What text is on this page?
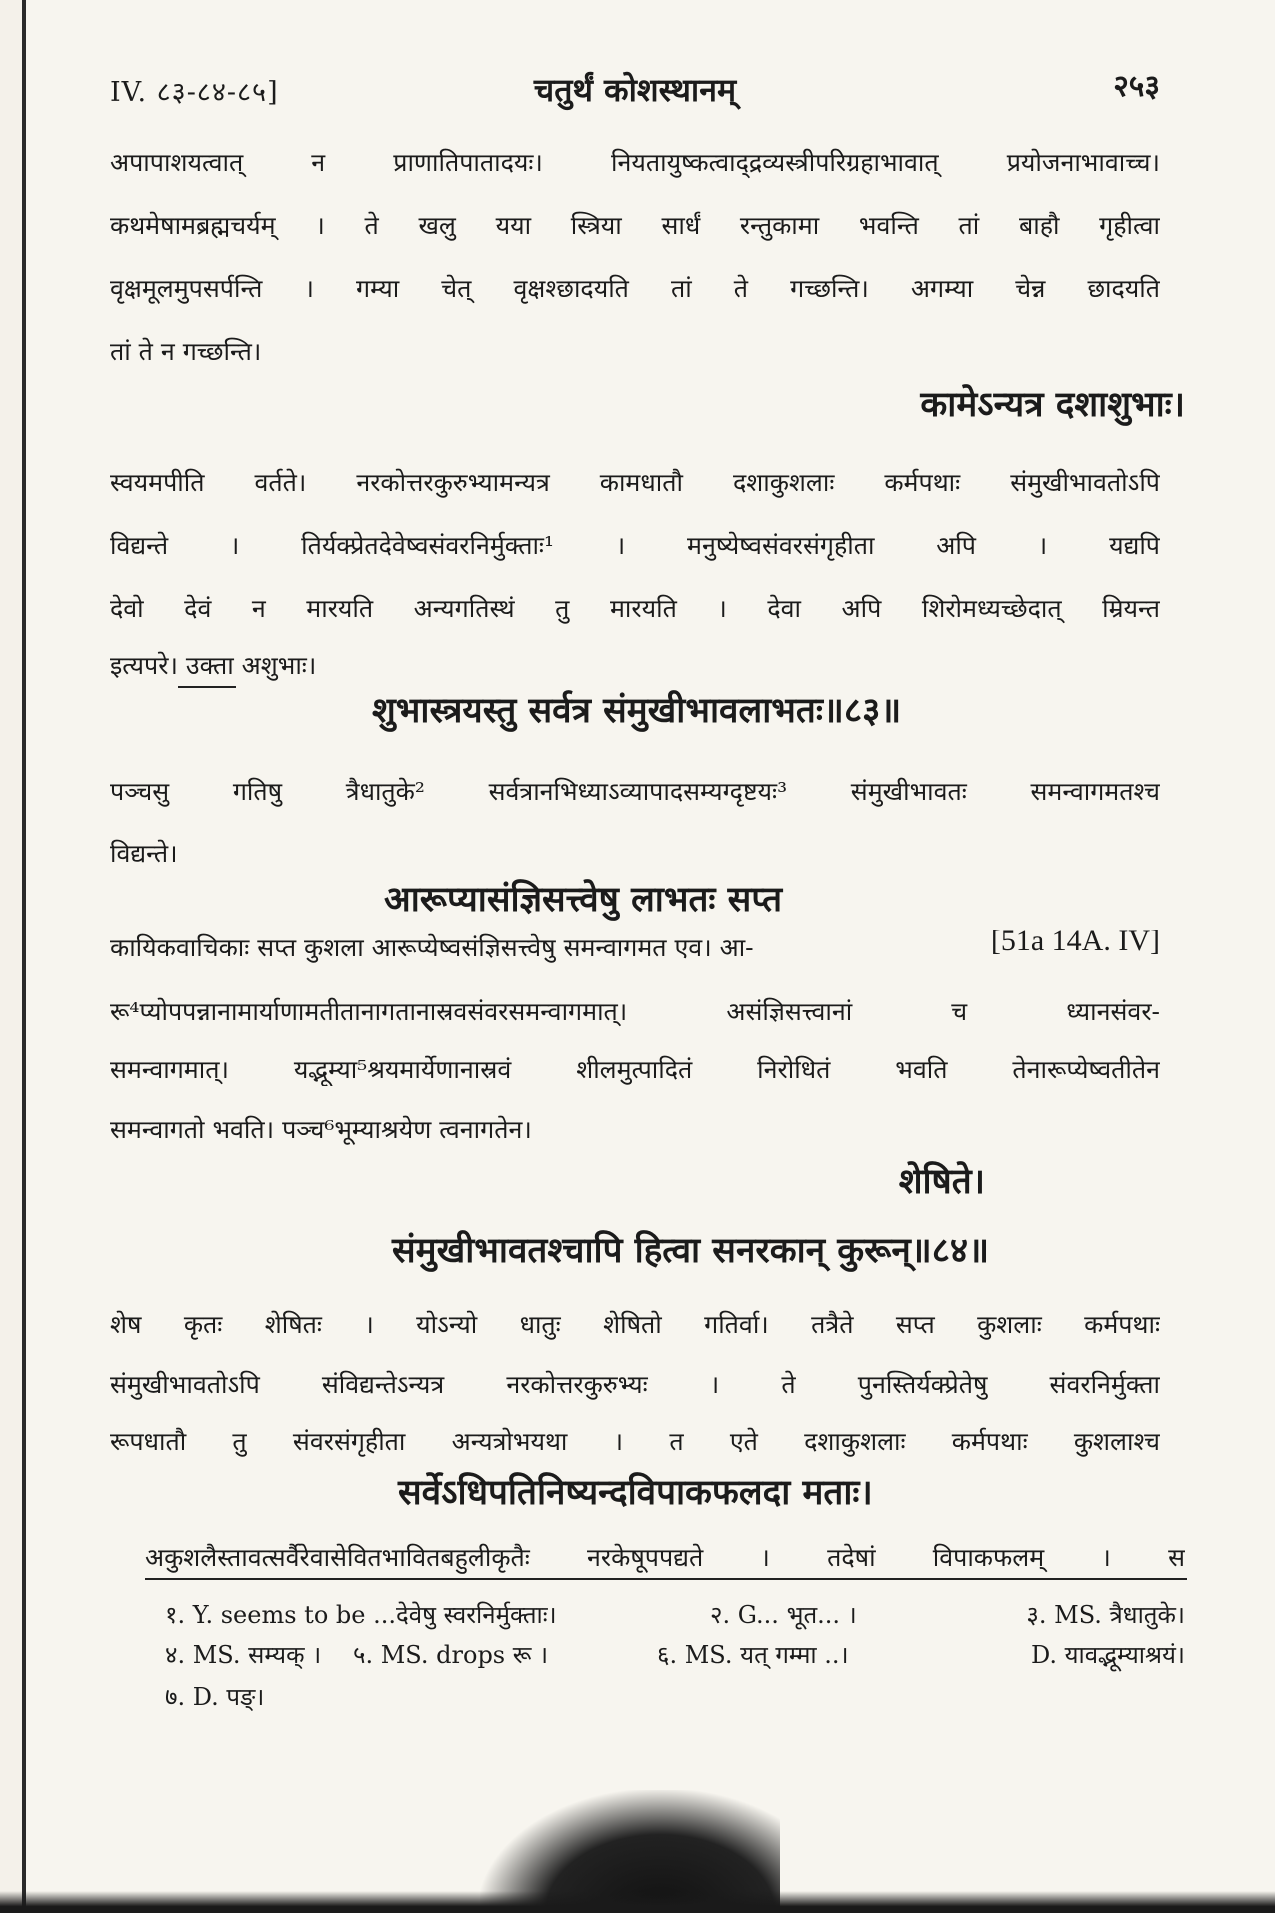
IV. ८३-८४-८५]	चतुर्थं कोशस्थानम्	२५३
अपापाशयत्वात् न प्राणातिपातादयः। नियतायुष्कत्वाद्द्रव्यस्त्रीपरिग्रहाभावात् प्रयोजनाभावाच्च।
कथमेषामब्रह्मचर्यम् । ते खलु यया स्त्रिया सार्धं रन्तुकामा भवन्ति तां बाहौ गृहीत्वा
वृक्षमूलमुपसर्पन्ति । गम्या चेत् वृक्षश्छादयति तां ते गच्छन्ति। अगम्या चेन्न छादयति
तां ते न गच्छन्ति।
कामेऽन्यत्र दशाशुभाः।
स्वयमपीति वर्तते। नरकोत्तरकुरुभ्यामन्यत्र कामधातौ दशाकुशलाः कर्मपथाः संमुखीभावतोऽपि
विद्यन्ते । तिर्यक्प्रेतदेवेष्वसंवरनिर्मुक्ताः¹ । मनुष्येष्वसंवरसंगृहीता अपि । यद्यपि
देवो देवं न मारयति अन्यगतिस्थं तु मारयति । देवा अपि शिरोमध्यच्छेदात् म्रियन्त
इत्यपरे। उक्ता अशुभाः।
शुभास्त्रयस्तु सर्वत्र संमुखीभावलाभतः॥८३॥
पञ्चसु गतिषु त्रैधातुके² सर्वत्रानभिध्याऽव्यापादसम्यग्दृष्टयः³ संमुखीभावतः समन्वागमतश्च
विद्यन्ते।
आरूप्यासंज्ञिसत्त्वेषु लाभतः सप्त
कायिकवाचिकाः सप्त कुशला आरूप्येष्वसंज्ञिसत्त्वेषु समन्वागमत एव। आ-	[51a 14A. IV]
रू⁴प्योपपन्नानामार्याणामतीतानागतानास्रवसंवरसमन्वागमात्। असंज्ञिसत्त्वानां च ध्यानसंवर-
समन्वागमात्। यद्भूम्या⁵श्रयमार्येणानास्रवं शीलमुत्पादितं निरोधितं भवति तेनारूप्येष्वतीतेन
समन्वागतो भवति। पञ्च⁶भूम्याश्रयेण त्वनागतेन।
शेषिते।
संमुखीभावतश्चापि हित्वा सनरकान् कुरून्॥८४॥
शेष कृतः शेषितः । योऽन्यो धातुः शेषितो गतिर्वा। तत्रैते सप्त कुशलाः कर्मपथाः
संमुखीभावतोऽपि संविद्यन्तेऽन्यत्र नरकोत्तरकुरुभ्यः । ते पुनस्तिर्यक्प्रेतेषु संवरनिर्मुक्ता
रूपधातौ तु संवरसंगृहीता अन्यत्रोभयथा । त एते दशाकुशलाः कर्मपथाः कुशलाश्च
सर्वेऽधिपतिनिष्यन्दविपाकफलदा मताः।
अकुशलैस्तावत्सर्वैरेवासेवितभावितबहुलीकृतैः नरकेषूपपद्यते । तदेषां विपाकफलम् । स
१. Y. seems to be ...देवेषु स्वरनिर्मुक्ताः।	२. G... भूत... ।	३. MS. त्रैधातुके।
४. MS. सम्यक् । ५. MS. drops रू ।	६. MS. यत् गम्मा ..।	D. यावद्भूम्याश्रयं।
७. D. पङ्।
